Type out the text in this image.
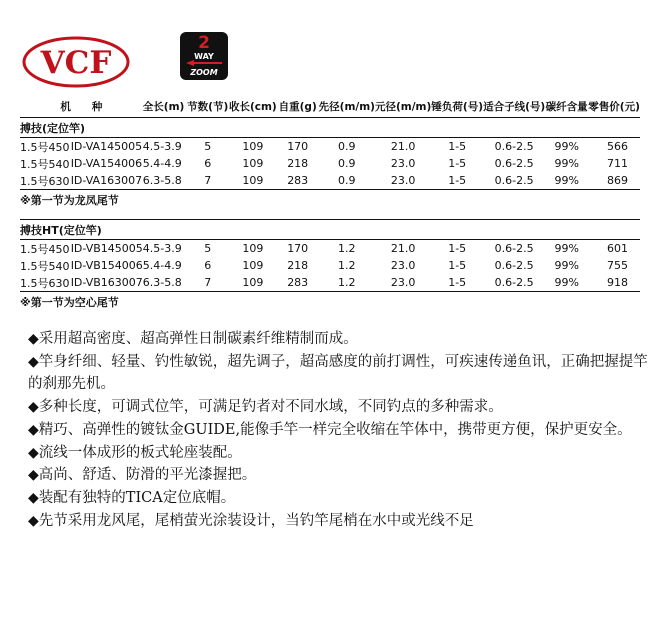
VCF
2
WAY
ZOOM
机　　种		全长(m)	节数(节)	收长(cm)	自重(g)	先径(m/m)	元径(m/m)	锤负荷(号)	适合子线(号)	碳纤含量	零售价(元)
搏技(定位竿)											
1.5号450	ID-VA145005	4.5-3.9	5	109	170	0.9	21.0	1-5	0.6-2.5	99%	566
1.5号540	ID-VA154006	5.4-4.9	6	109	218	0.9	23.0	1-5	0.6-2.5	99%	711
1.5号630	ID-VA163007	6.3-5.8	7	109	283	0.9	23.0	1-5	0.6-2.5	99%	869
※第一节为龙凤尾节											

搏技HT(定位竿)											
1.5号450	ID-VB145005	4.5-3.9	5	109	170	1.2	21.0	1-5	0.6-2.5	99%	601
1.5号540	ID-VB154006	5.4-4.9	6	109	218	1.2	23.0	1-5	0.6-2.5	99%	755
1.5号630	ID-VB163007	6.3-5.8	7	109	283	1.2	23.0	1-5	0.6-2.5	99%	918
※第一节为空心尾节											

◆采用超高密度、超高弹性日制碳素纤维精制而成。

◆竿身纤细、轻量、钓性敏锐，超先调子，超高感度的前打调性，可疾速传递鱼讯，正确把握提竿的刹那先机。

◆多种长度，可调式位竿，可满足钓者对不同水域，不同钓点的多种需求。

◆精巧、高弹性的镀钛金GUIDE,能像手竿一样完全收缩在竿体中，携带更方便，保护更安全。

◆流线一体成形的板式轮座装配。

◆高尚、舒适、防滑的平光漆握把。

◆装配有独特的TICA定位底帽。

◆先节采用龙风尾，尾梢萤光涂装设计，当钓竿尾梢在水中或光线不足
